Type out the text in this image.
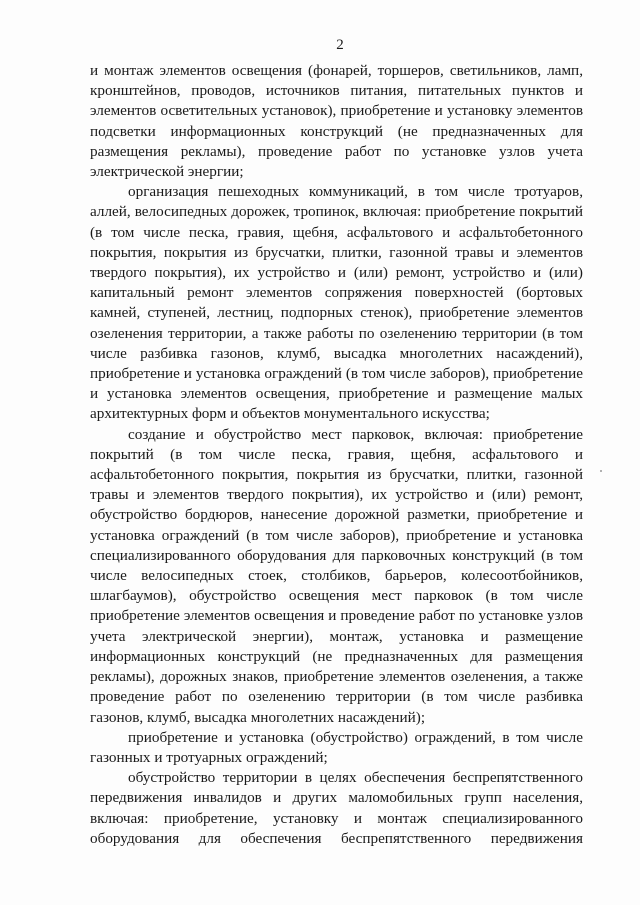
2

и монтаж элементов освещения (фонарей, торшеров, светильников, ламп, кронштейнов, проводов, источников питания, питательных пунктов и элементов осветительных установок), приобретение и установку элементов подсветки информационных конструкций (не предназначенных для размещения рекламы), проведение работ по установке узлов учета электрической энергии;

организация пешеходных коммуникаций, в том числе тротуаров, аллей, велосипедных дорожек, тропинок, включая: приобретение покрытий (в том числе песка, гравия, щебня, асфальтового и асфальтобетонного покрытия, покрытия из брусчатки, плитки, газонной травы и элементов твердого покрытия), их устройство и (или) ремонт, устройство и (или) капитальный ремонт элементов сопряжения поверхностей (бортовых камней, ступеней, лестниц, подпорных стенок), приобретение элементов озеленения территории, а также работы по озеленению территории (в том числе разбивка газонов, клумб, высадка многолетних насаждений), приобретение и установка ограждений (в том числе заборов), приобретение и установка элементов освещения, приобретение и размещение малых архитектурных форм и объектов монументального искусства;

создание и обустройство мест парковок, включая: приобретение покрытий (в том числе песка, гравия, щебня, асфальтового и асфальтобетонного покрытия, покрытия из брусчатки, плитки, газонной травы и элементов твердого покрытия), их устройство и (или) ремонт, обустройство бордюров, нанесение дорожной разметки, приобретение и установка ограждений (в том числе заборов), приобретение и установка специализированного оборудования для парковочных конструкций (в том числе велосипедных стоек, столбиков, барьеров, колесоотбойников, шлагбаумов), обустройство освещения мест парковок (в том числе приобретение элементов освещения и проведение работ по установке узлов учета электрической энергии), монтаж, установка и размещение информационных конструкций (не предназначенных для размещения рекламы), дорожных знаков, приобретение элементов озеленения, а также проведение работ по озеленению территории (в том числе разбивка газонов, клумб, высадка многолетних насаждений);

приобретение и установка (обустройство) ограждений, в том числе газонных и тротуарных ограждений;

обустройство территории в целях обеспечения беспрепятственного передвижения инвалидов и других маломобильных групп населения, включая: приобретение, установку и монтаж специализированного оборудования для обеспечения беспрепятственного передвижения
